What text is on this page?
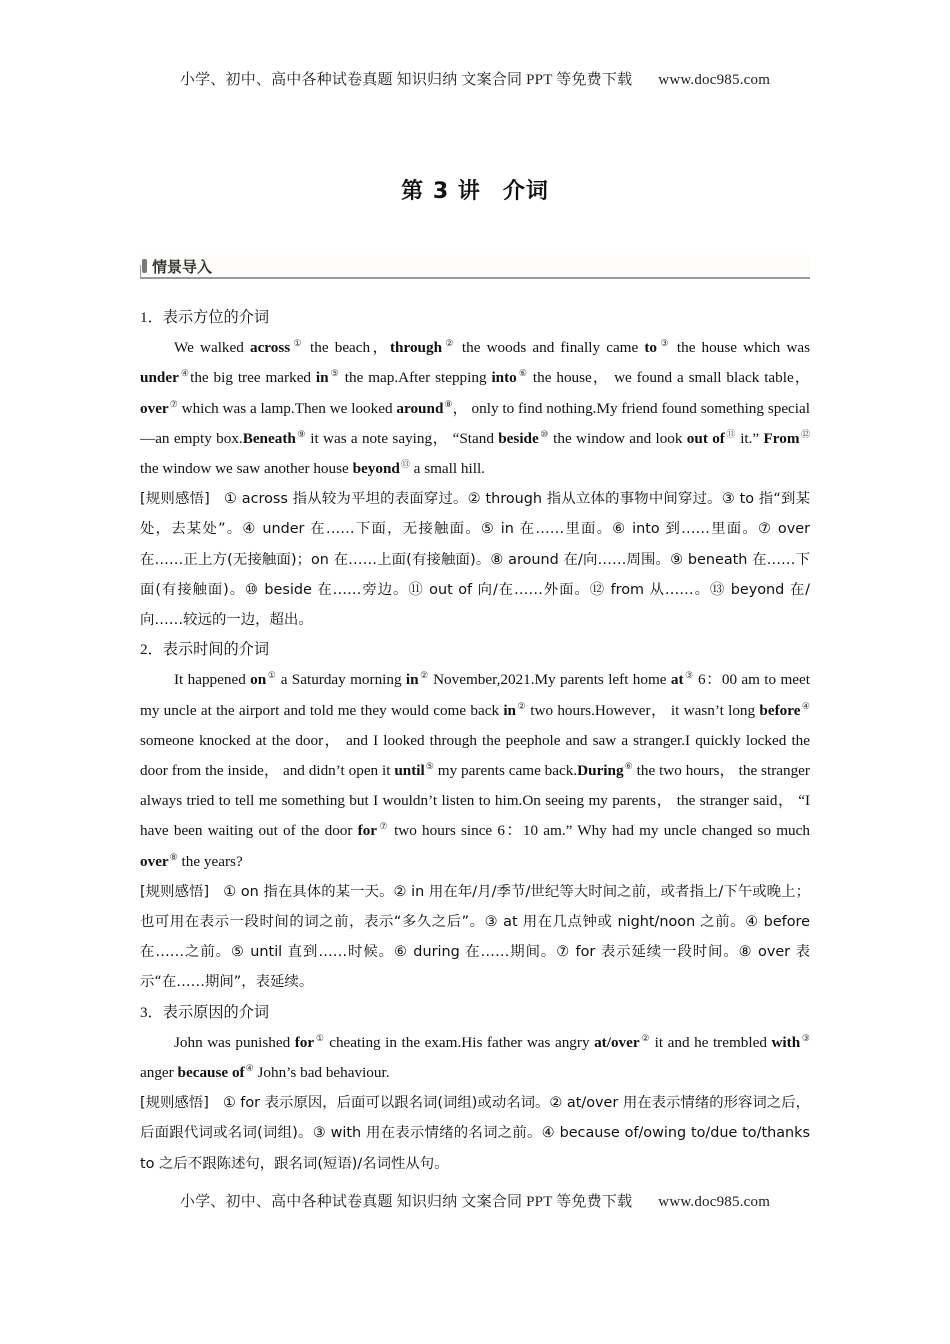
小学、初中、高中各种试卷真题 知识归纳 文案合同 PPT 等免费下载 www.doc985.com
第 3 讲 介词
情景导入

1．表示方位的介词

We walked across① the beach，through② the woods and finally came to③ the house which was under④the big tree marked in⑤ the map.After stepping into⑥ the house， we found a small black table，over⑦ which was a lamp.Then we looked around⑧， only to find nothing.My friend found something special—an empty box.Beneath⑨ it was a note saying， “Stand beside⑩ the window and look out of⑪ it.” From⑫ the window we saw another house beyond⑬ a small hill.

[规则感悟] ① across 指从较为平坦的表面穿过。② through 指从立体的事物中间穿过。③ to 指“到某处，去某处”。④ under 在……下面，无接触面。⑤ in 在……里面。⑥ into 到……里面。⑦ over 在……正上方(无接触面)；on 在……上面(有接触面)。⑧ around 在/向……周围。⑨ beneath 在……下面(有接触面)。⑩ beside 在……旁边。⑪ out of 向/在……外面。⑫ from 从……。⑬ beyond 在/向……较远的一边，超出。

2．表示时间的介词

It happened on① a Saturday morning in② November,2021.My parents left home at③ 6：00 am to meet my uncle at the airport and told me they would come back in② two hours.However， it wasn’t long before④ someone knocked at the door， and I looked through the peephole and saw a stranger.I quickly locked the door from the inside， and didn’t open it until⑤ my parents came back.During⑥ the two hours， the stranger always tried to tell me something but I wouldn’t listen to him.On seeing my parents， the stranger said， “I have been waiting out of the door for⑦ two hours since 6：10 am.” Why had my uncle changed so much over⑧ the years?

[规则感悟] ① on 指在具体的某一天。② in 用在年/月/季节/世纪等大时间之前，或者指上/下午或晚上；也可用在表示一段时间的词之前，表示“多久之后”。③ at 用在几点钟或 night/noon 之前。④ before 在……之前。⑤ until 直到……时候。⑥ during 在……期间。⑦ for 表示延续一段时间。⑧ over 表示“在……期间”，表延续。

3．表示原因的介词

John was punished for① cheating in the exam.His father was angry at/over② it and he trembled with③ anger because of④ John’s bad behaviour.

[规则感悟] ① for 表示原因，后面可以跟名词(词组)或动名词。② at/over 用在表示情绪的形容词之后，后面跟代词或名词(词组)。③ with 用在表示情绪的名词之前。④ because of/owing to/due to/thanks to 之后不跟陈述句，跟名词(短语)/名词性从句。

小学、初中、高中各种试卷真题 知识归纳 文案合同 PPT 等免费下载 www.doc985.com
